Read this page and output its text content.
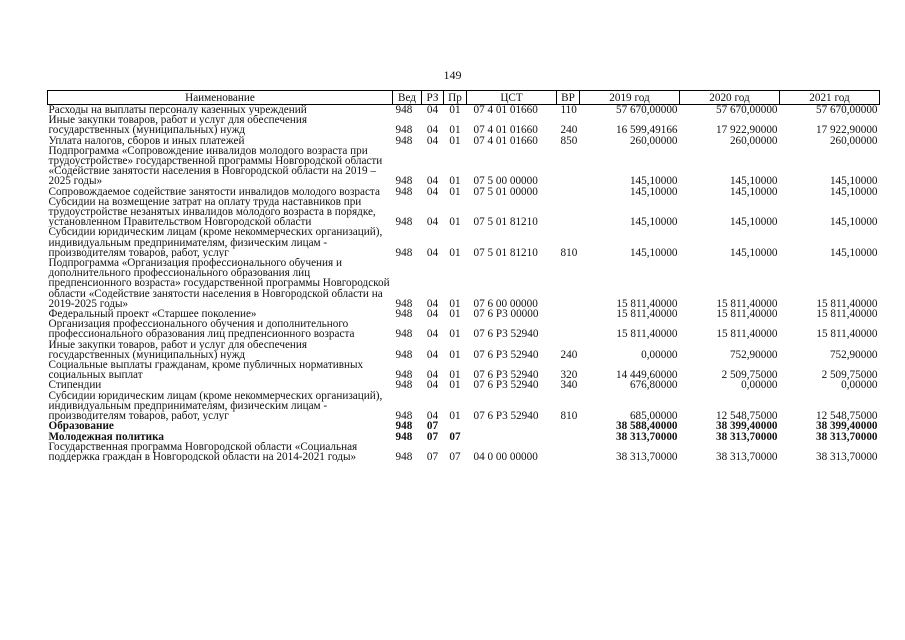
149
Наименование	Вед	РЗ	Пр	ЦСТ	ВР	2019 год	2020 год	2021 год
Расходы на выплаты персоналу казенных учреждений	948	04	01	07 4 01 01660	110	57 670,00000	57 670,00000	57 670,00000
Иные закупки товаров, работ и услуг для обеспечения государственных (муниципальных) нужд	948	04	01	07 4 01 01660	240	16 599,49166	17 922,90000	17 922,90000
Уплата налогов, сборов и иных платежей	948	04	01	07 4 01 01660	850	260,00000	260,00000	260,00000
Подпрограмма «Сопровождение инвалидов молодого возраста при трудоустройстве» государственной программы Новгородской области «Содействие занятости населения в Новгородской области на 2019 – 2025 годы»	948	04	01	07 5 00 00000		145,10000	145,10000	145,10000
Сопровождаемое содействие занятости инвалидов молодого возраста	948	04	01	07 5 01 00000		145,10000	145,10000	145,10000
Субсидии на возмещение затрат на оплату труда наставников при трудоустройстве незанятых инвалидов молодого возраста в порядке, установленном Правительством Новгородской области	948	04	01	07 5 01 81210		145,10000	145,10000	145,10000
Субсидии юридическим лицам (кроме некоммерческих организаций), индивидуальным предпринимателям, физическим лицам - производителям товаров, работ, услуг	948	04	01	07 5 01 81210	810	145,10000	145,10000	145,10000
Подпрограмма «Организация профессионального обучения и дополнительного профессионального образования лиц предпенсионного возраста» государственной программы Новгородской области «Содействие занятости населения в Новгородской области на 2019-2025 годы»	948	04	01	07 6 00 00000		15 811,40000	15 811,40000	15 811,40000
Федеральный проект «Старшее поколение»	948	04	01	07 6 P3 00000		15 811,40000	15 811,40000	15 811,40000
Организация профессионального обучения и дополнительного профессионального образования лиц предпенсионного возраста	948	04	01	07 6 P3 52940		15 811,40000	15 811,40000	15 811,40000
Иные закупки товаров, работ и услуг для обеспечения государственных (муниципальных) нужд	948	04	01	07 6 P3 52940	240	0,00000	752,90000	752,90000
Социальные выплаты гражданам, кроме публичных нормативных социальных выплат	948	04	01	07 6 P3 52940	320	14 449,60000	2 509,75000	2 509,75000
Стипендии	948	04	01	07 6 P3 52940	340	676,80000	0,00000	0,00000
Субсидии юридическим лицам (кроме некоммерческих организаций), индивидуальным предпринимателям, физическим лицам - производителям товаров, работ, услуг	948	04	01	07 6 P3 52940	810	685,00000	12 548,75000	12 548,75000
Образование	948	07				38 588,40000	38 399,40000	38 399,40000
Молодежная политика	948	07	07			38 313,70000	38 313,70000	38 313,70000
Государственная программа Новгородской области «Социальная поддержка граждан в Новгородской области на 2014-2021 годы»	948	07	07	04 0 00 00000		38 313,70000	38 313,70000	38 313,70000
